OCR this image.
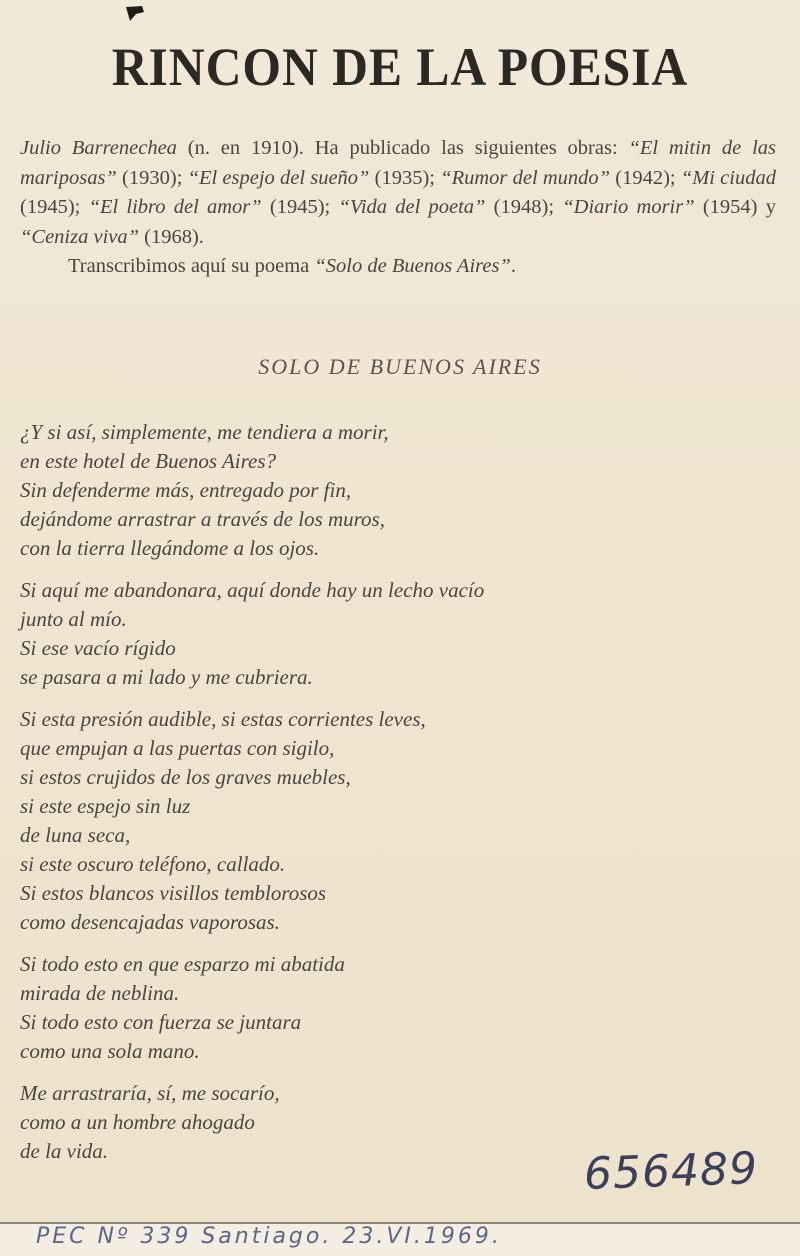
RINCON DE LA POESIA
Julio Barrenechea (n. en 1910). Ha publicado las siguientes obras: “El mitin de las mariposas” (1930); “El espejo del sueño” (1935); “Rumor del mundo” (1942); “Mi ciudad (1945); “El libro del amor” (1945); “Vida del poeta” (1948); “Diario morir” (1954) y “Ceniza viva” (1968).
Transcribimos aquí su poema “Solo de Buenos Aires”.
SOLO DE BUENOS AIRES
¿Y si así, simplemente, me tendiera a morir,
en este hotel de Buenos Aires?
Sin defenderme más, entregado por fin,
dejándome arrastrar a través de los muros,
con la tierra llegándome a los ojos.
Si aquí me abandonara, aquí donde hay un lecho vacío
junto al mío.
Si ese vacío rígido
se pasara a mi lado y me cubriera.
Si esta presión audible, si estas corrientes leves,
que empujan a las puertas con sigilo,
si estos crujidos de los graves muebles,
si este espejo sin luz
de luna seca,
si este oscuro teléfono, callado.
Si estos blancos visillos temblorosos
como desencajadas vaporosas.
Si todo esto en que esparzo mi abatida
mirada de neblina.
Si todo esto con fuerza se juntara
como una sola mano.
Me arrastraría, sí, me socarío,
como a un hombre ahogado
de la vida.	656489
PEC Nº 339 Santiago. 23.VI.1969.
